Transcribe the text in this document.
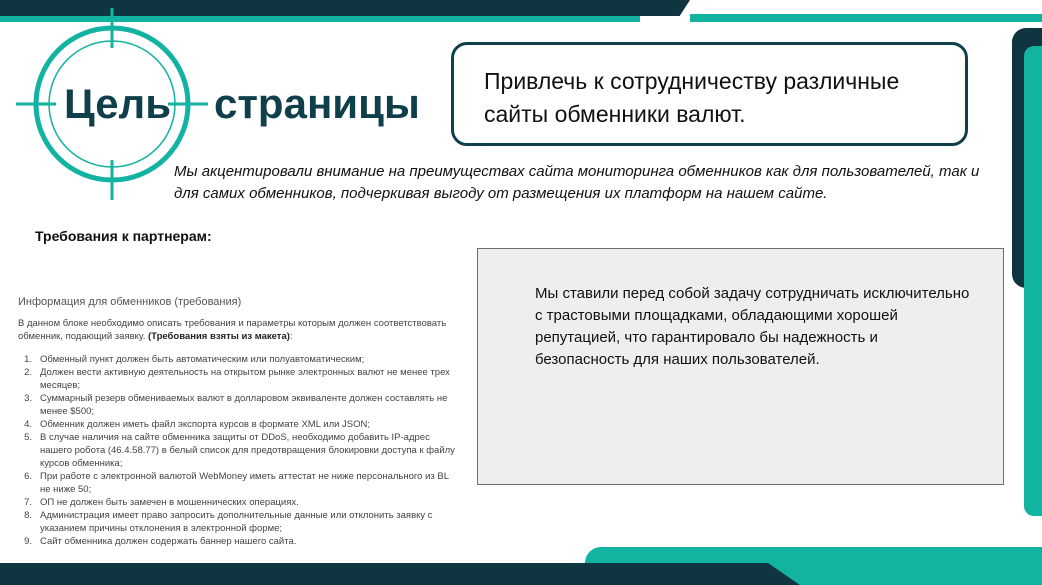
Цель страницы	Привлечь к сотрудничеству различные сайты обменники валют.
Мы акцентировали внимание на преимуществах сайта мониторинга обменников как для пользователей, так и для самих обменников, подчеркивая выгоду от размещения их платформ на нашем сайте.
Требования к партнерам:
Информация для обменников (требования)
В данном блоке необходимо описать требования и параметры которым должен соответствовать обменник, подающий заявку. (Требования взяты из макета):
1. Обменный пункт должен быть автоматическим или полуавтоматическим;
2. Должен вести активную деятельность на открытом рынке электронных валют не менее трех месяцев;
3. Суммарный резерв обмениваемых валют в долларовом эквиваленте должен составлять не менее $500;
4. Обменник должен иметь файл экспорта курсов в формате XML или JSON;
5. В случае наличия на сайте обменника защиты от DDoS, необходимо добавить IP-адрес нашего робота (46.4.58.77) в белый список для предотвращения блокировки доступа к файлу курсов обменника;
6. При работе с электронной валютой WebMoney иметь аттестат не ниже персонального из BL не ниже 50;
7. ОП не должен быть замечен в мошеннических операциях.
8. Администрация имеет право запросить дополнительные данные или отклонить заявку с указанием причины отклонения в электронной форме;
9. Сайт обменника должен содержать баннер нашего сайта.
Мы ставили перед собой задачу сотрудничать исключительно с трастовыми площадками, обладающими хорошей репутацией, что гарантировало бы надежность и безопасность для наших пользователей.
